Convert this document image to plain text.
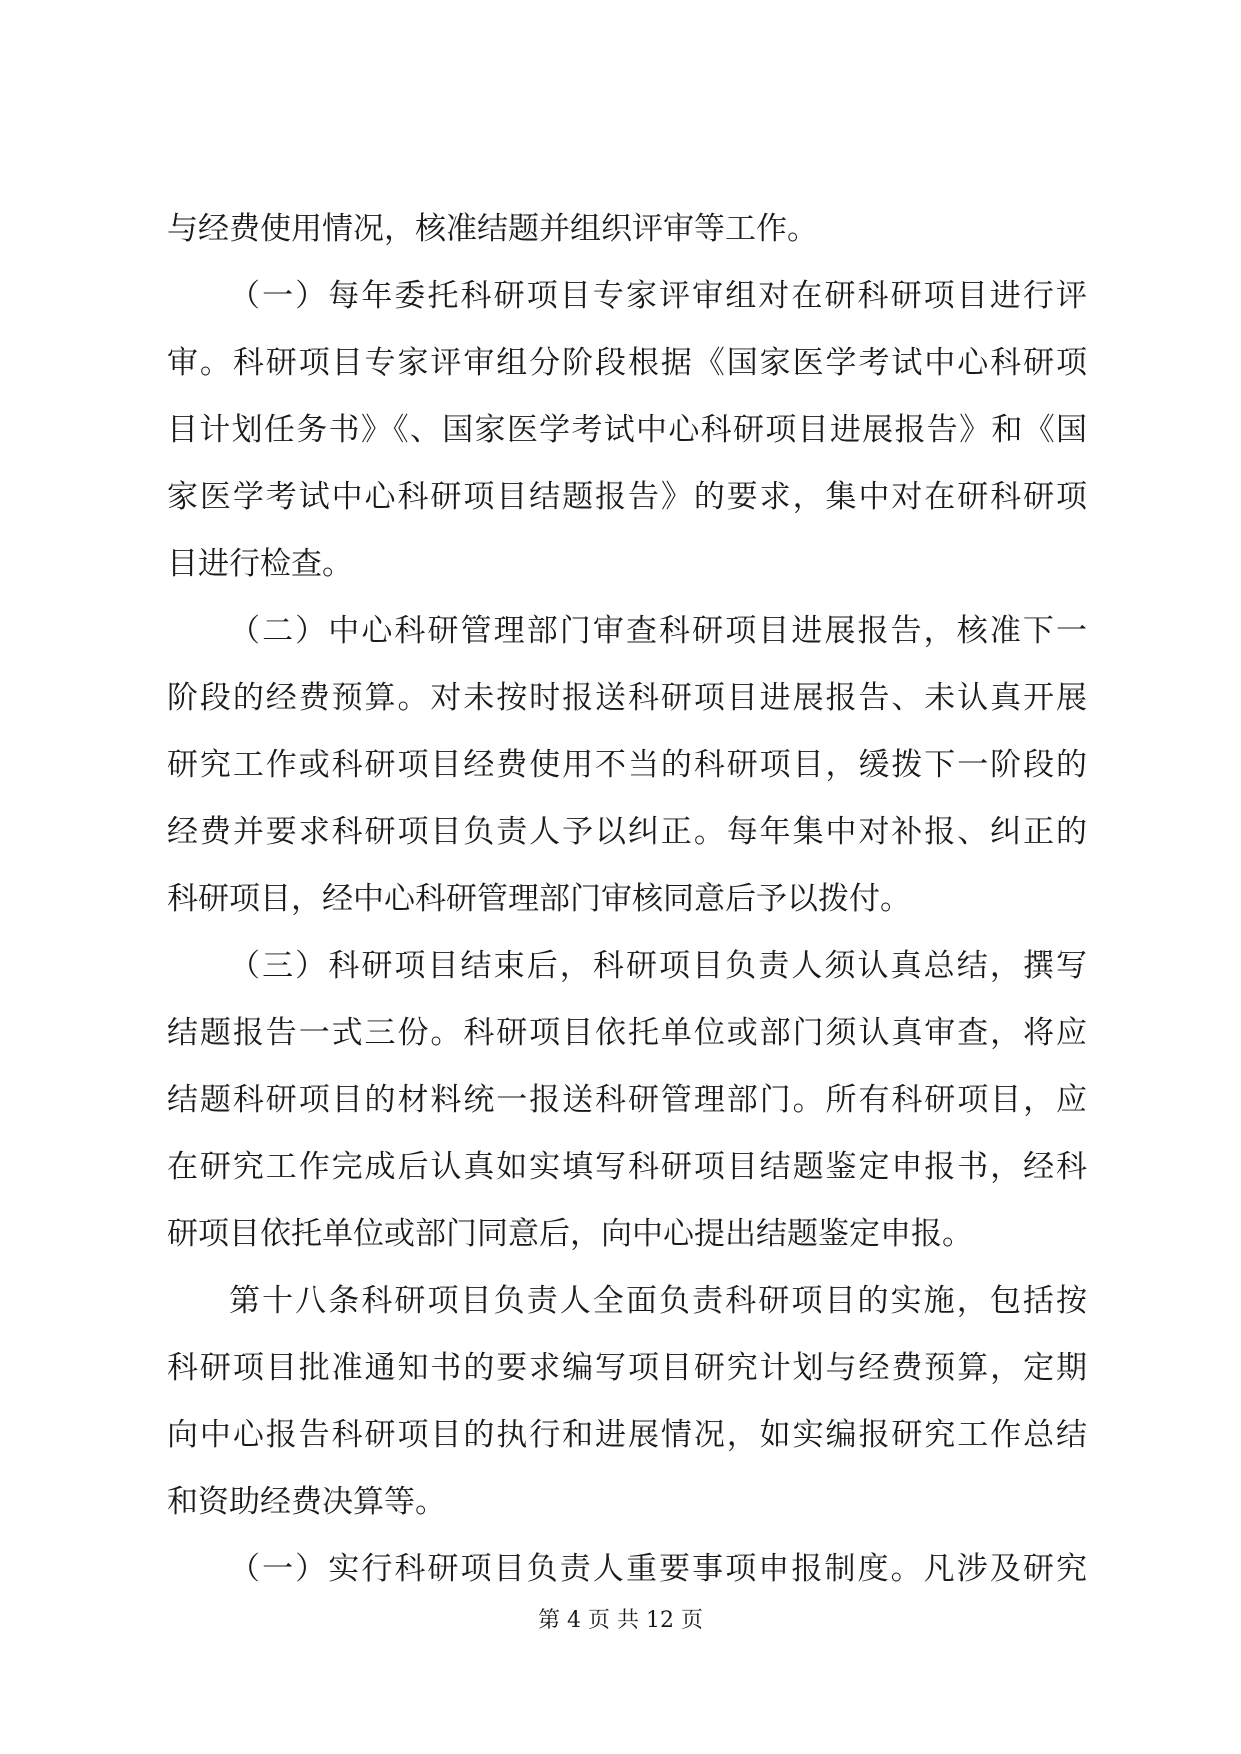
与经费使用情况，核准结题并组织评审等工作。
（一）每年委托科研项目专家评审组对在研科研项目进行评
审。科研项目专家评审组分阶段根据《国家医学考试中心科研项
目计划任务书》《、国家医学考试中心科研项目进展报告》和《国
家医学考试中心科研项目结题报告》的要求，集中对在研科研项
目进行检查。
（二）中心科研管理部门审查科研项目进展报告，核准下一
阶段的经费预算。对未按时报送科研项目进展报告、未认真开展
研究工作或科研项目经费使用不当的科研项目，缓拨下一阶段的
经费并要求科研项目负责人予以纠正。每年集中对补报、纠正的
科研项目，经中心科研管理部门审核同意后予以拨付。
（三）科研项目结束后，科研项目负责人须认真总结，撰写
结题报告一式三份。科研项目依托单位或部门须认真审查，将应
结题科研项目的材料统一报送科研管理部门。所有科研项目，应
在研究工作完成后认真如实填写科研项目结题鉴定申报书，经科
研项目依托单位或部门同意后，向中心提出结题鉴定申报。
第十八条科研项目负责人全面负责科研项目的实施，包括按
科研项目批准通知书的要求编写项目研究计划与经费预算，定期
向中心报告科研项目的执行和进展情况，如实编报研究工作总结
和资助经费决算等。
（一）实行科研项目负责人重要事项申报制度。凡涉及研究
第 4 页 共 12 页
